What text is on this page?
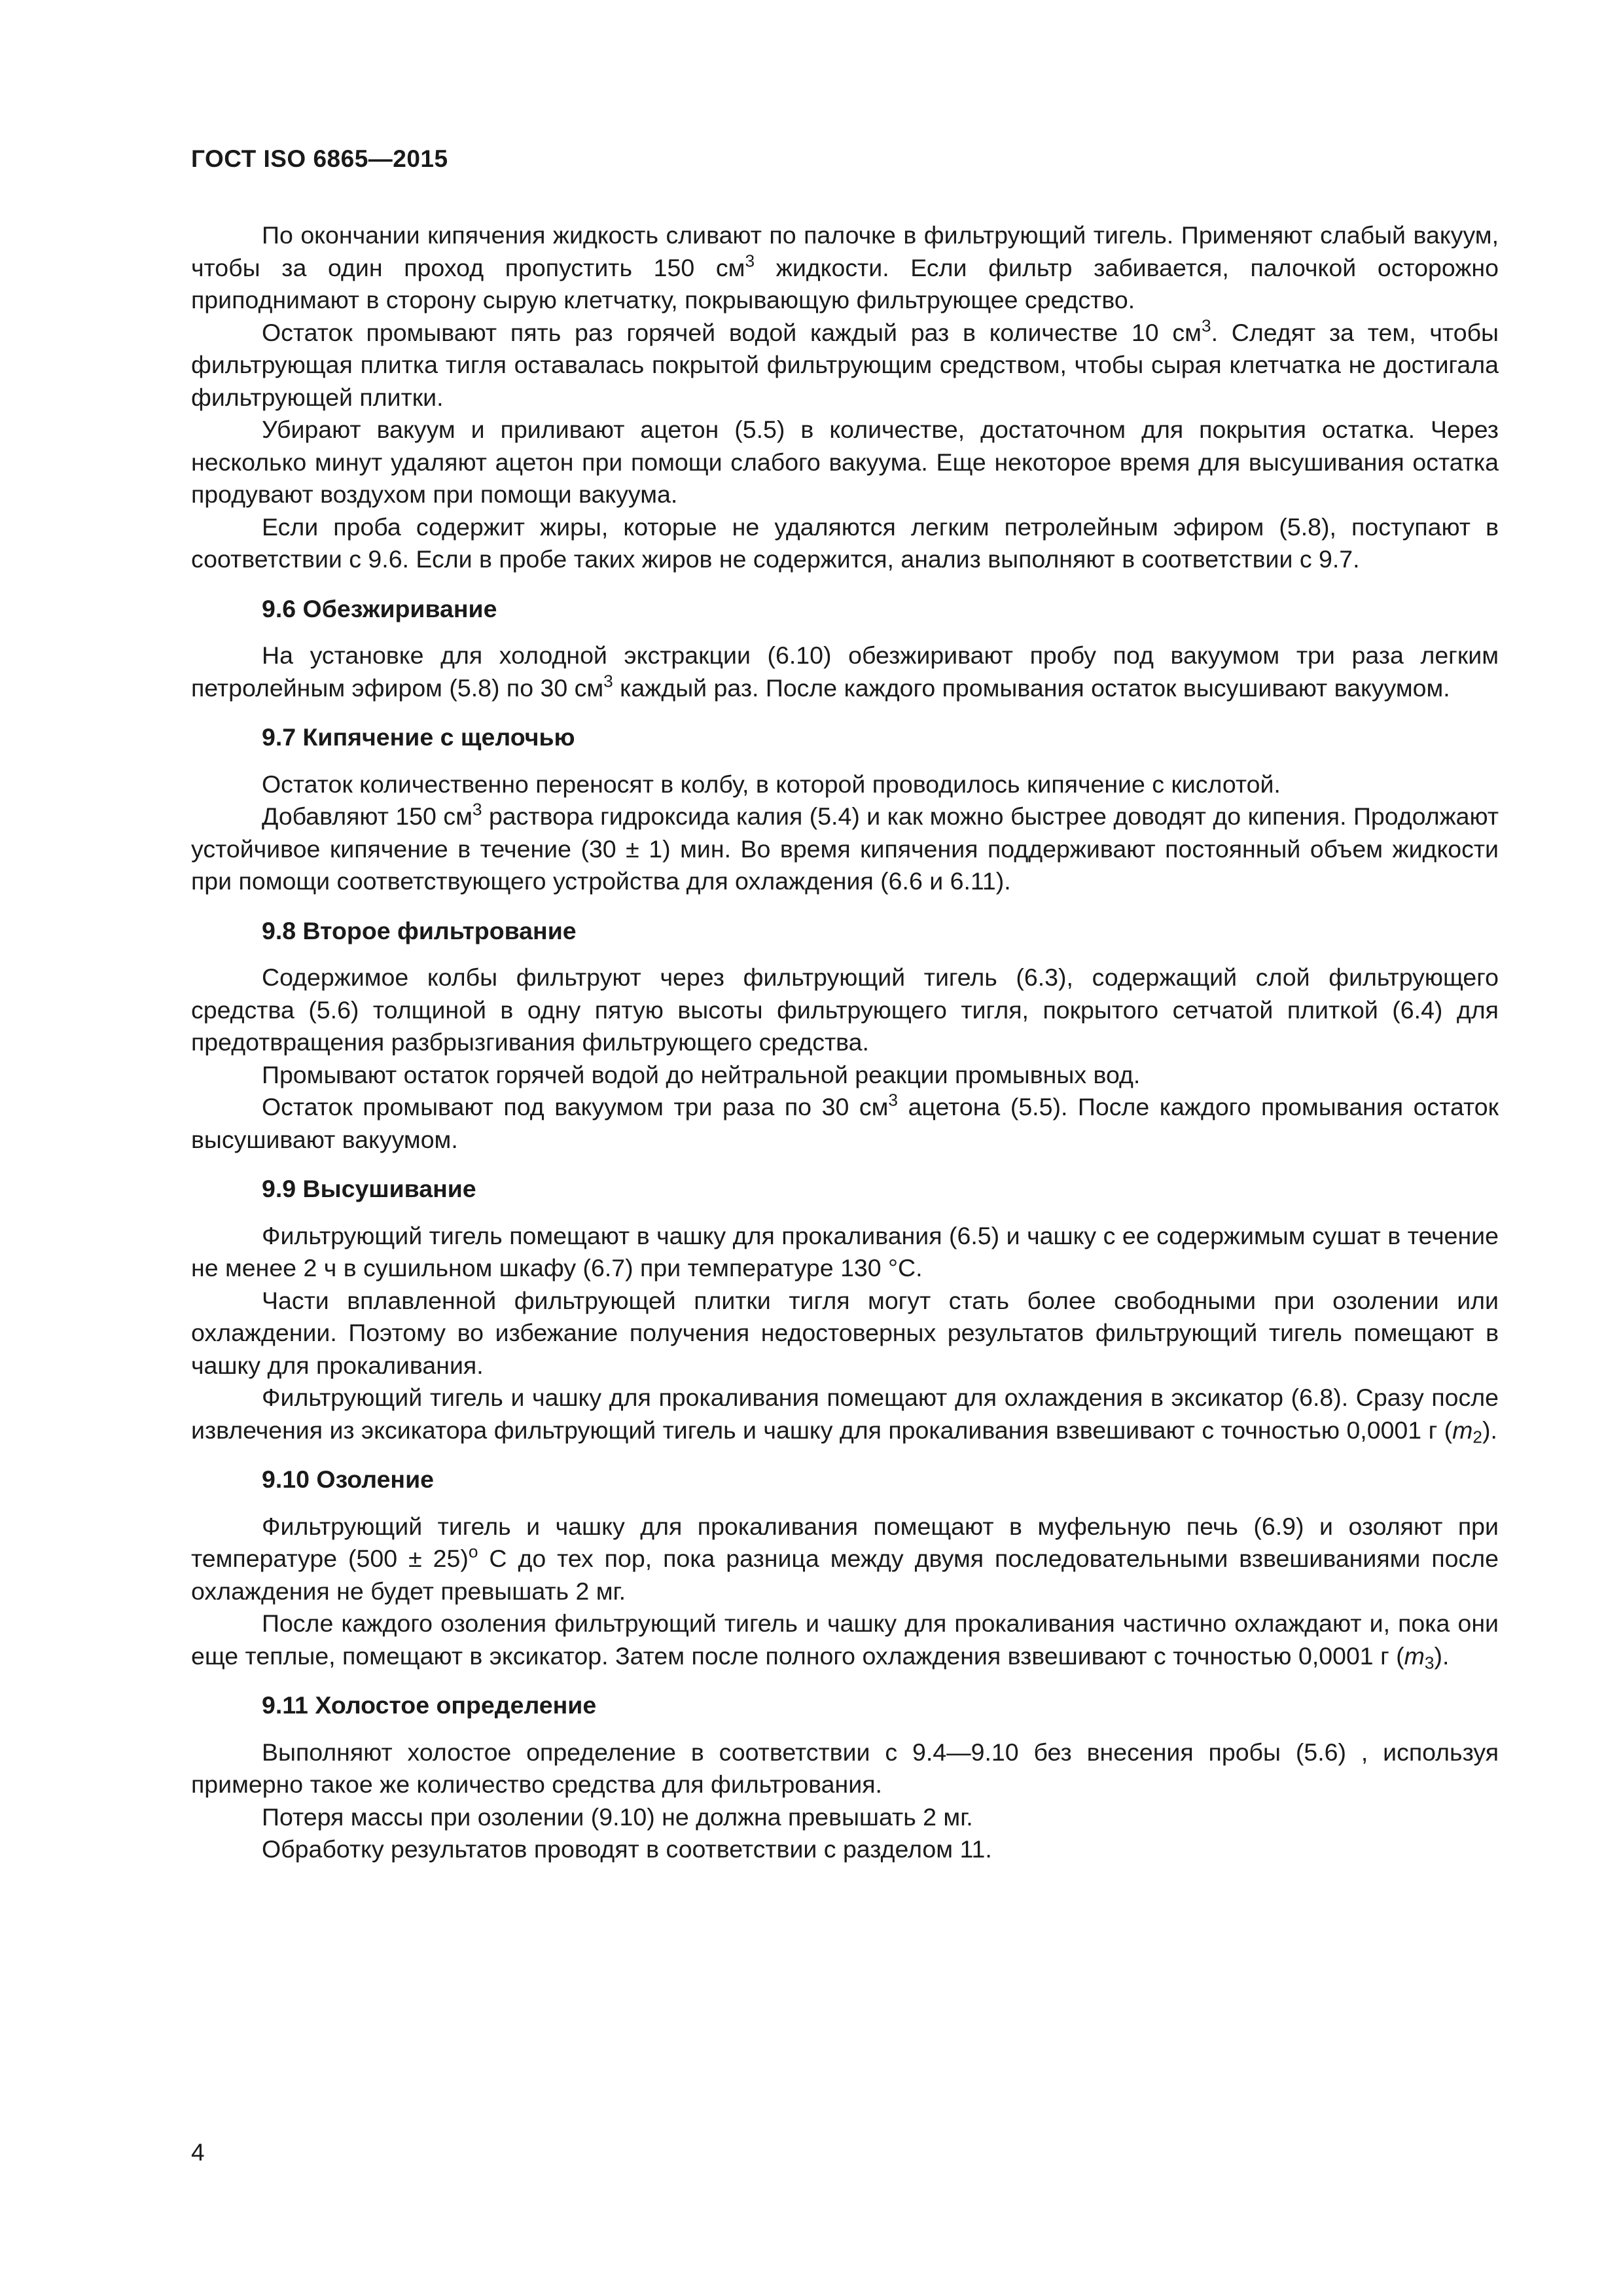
ГОСТ ISO 6865—2015

По окончании кипячения жидкость сливают по палочке в фильтрующий тигель. Применяют слабый вакуум, чтобы за один проход пропустить 150 $см^3$ жидкости. Если фильтр забивается, палочкой осторожно приподнимают в сторону сырую клетчатку, покрывающую фильтрующее средство.

Остаток промывают пять раз горячей водой каждый раз в количестве 10 $см^3$. Следят за тем, чтобы фильтрующая плитка тигля оставалась покрытой фильтрующим средством, чтобы сырая клетчатка не достигала фильтрующей плитки.

Убирают вакуум и приливают ацетон (5.5) в количестве, достаточном для покрытия остатка. Через несколько минут удаляют ацетон при помощи слабого вакуума. Еще некоторое время для высушивания остатка продувают воздухом при помощи вакуума.

Если проба содержит жиры, которые не удаляются легким петролейным эфиром (5.8), поступают в соответствии с 9.6. Если в пробе таких жиров не содержится, анализ выполняют в соответствии с 9.7.

9.6 Обезжиривание

На установке для холодной экстракции (6.10) обезжиривают пробу под вакуумом три раза легким петролейным эфиром (5.8) по 30 $см^3$ каждый раз. После каждого промывания остаток высушивают вакуумом.

9.7 Кипячение с щелочью

Остаток количественно переносят в колбу, в которой проводилось кипячение с кислотой.

Добавляют 150 $см^3$ раствора гидроксида калия (5.4) и как можно быстрее доводят до кипения. Продолжают устойчивое кипячение в течение (30 ± 1) мин. Во время кипячения поддерживают постоянный объем жидкости при помощи соответствующего устройства для охлаждения (6.6 и 6.11).

9.8 Второе фильтрование

Содержимое колбы фильтруют через фильтрующий тигель (6.3), содержащий слой фильтрующего средства (5.6) толщиной в одну пятую высоты фильтрующего тигля, покрытого сетчатой плиткой (6.4) для предотвращения разбрызгивания фильтрующего средства.

Промывают остаток горячей водой до нейтральной реакции промывных вод.

Остаток промывают под вакуумом три раза по 30 $см^3$ ацетона (5.5). После каждого промывания остаток высушивают вакуумом.

9.9 Высушивание

Фильтрующий тигель помещают в чашку для прокаливания (6.5) и чашку с ее содержимым сушат в течение не менее 2 ч в сушильном шкафу (6.7) при температуре 130 °С.

Части вплавленной фильтрующей плитки тигля могут стать более свободными при озолении или охлаждении. Поэтому во избежание получения недостоверных результатов фильтрующий тигель помещают в чашку для прокаливания.

Фильтрующий тигель и чашку для прокаливания помещают для охлаждения в эксикатор (6.8). Сразу после извлечения из эксикатора фильтрующий тигель и чашку для прокаливания взвешивают с точностью 0,0001 г $(m_2)$.

9.10 Озоление

Фильтрующий тигель и чашку для прокаливания помещают в муфельную печь (6.9) и озоляют при температуре $(500 \pm 25)^о$ С до тех пор, пока разница между двумя последовательными взвешиваниями после охлаждения не будет превышать 2 мг.

После каждого озоления фильтрующий тигель и чашку для прокаливания частично охлаждают и, пока они еще теплые, помещают в эксикатор. Затем после полного охлаждения взвешивают с точностью 0,0001 г $(m_3)$.

9.11 Холостое определение

Выполняют холостое определение в соответствии с 9.4—9.10 без внесения пробы (5.6) , используя примерно такое же количество средства для фильтрования.

Потеря массы при озолении (9.10) не должна превышать 2 мг.

Обработку результатов проводят в соответствии с разделом 11.

4
